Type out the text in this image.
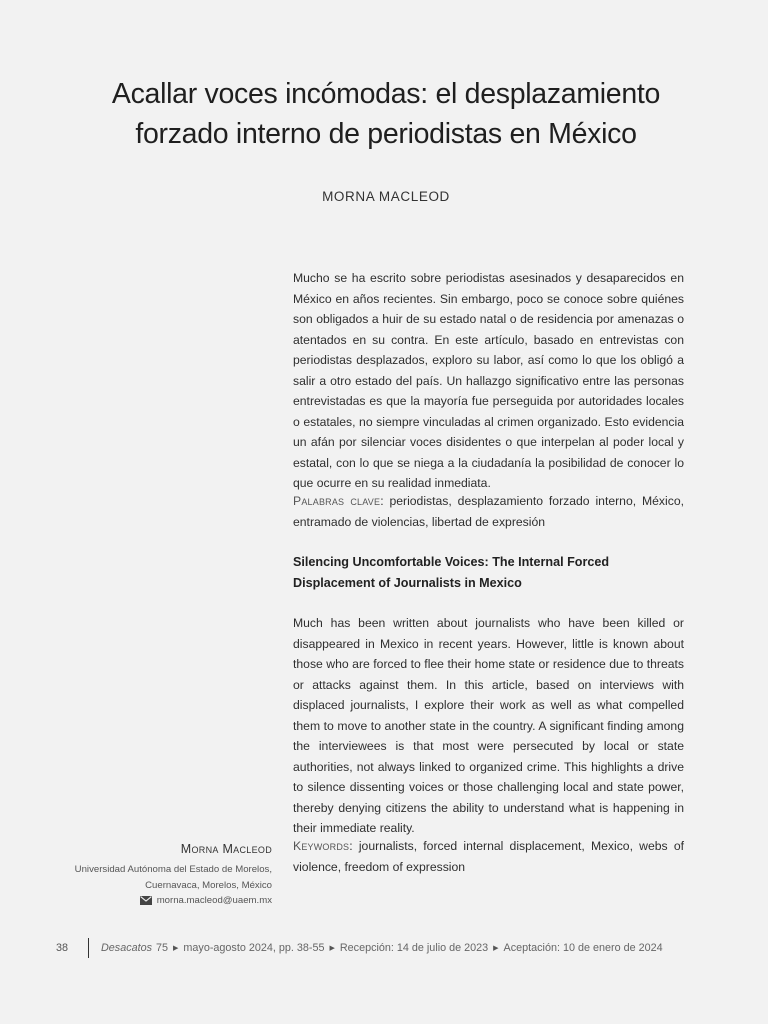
Acallar voces incómodas: el desplazamiento
forzado interno de periodistas en México
MORNA MACLEOD
Mucho se ha escrito sobre periodistas asesinados y desaparecidos en México en años recientes. Sin embargo, poco se conoce sobre quiénes son obligados a huir de su estado natal o de residencia por amenazas o atentados en su contra. En este artículo, basado en entrevistas con periodistas desplazados, exploro su labor, así como lo que los obligó a salir a otro estado del país. Un hallazgo significativo entre las personas entrevistadas es que la mayoría fue perseguida por autoridades locales o estatales, no siempre vinculadas al crimen organizado. Esto evidencia un afán por silenciar voces disidentes o que interpelan al poder local y estatal, con lo que se niega a la ciudadanía la posibilidad de conocer lo que ocurre en su realidad inmediata.
Palabras clave: periodistas, desplazamiento forzado interno, México, entramado de violencias, libertad de expresión
Silencing Uncomfortable Voices: The Internal Forced Displacement of Journalists in Mexico
Much has been written about journalists who have been killed or disappeared in Mexico in recent years. However, little is known about those who are forced to flee their home state or residence due to threats or attacks against them. In this article, based on interviews with displaced journalists, I explore their work as well as what compelled them to move to another state in the country. A significant finding among the interviewees is that most were persecuted by local or state authorities, not always linked to organized crime. This highlights a drive to silence dissenting voices or those challenging local and state power, thereby denying citizens the ability to understand what is happening in their immediate reality.
Keywords: journalists, forced internal displacement, Mexico, webs of violence, freedom of expression
Morna Macleod
Universidad Autónoma del Estado de Morelos,
Cuernavaca, Morelos, México
morna.macleod@uaem.mx
38	Desacatos 75 ▶ mayo-agosto 2024, pp. 38-55 ▶ Recepción: 14 de julio de 2023 ▶ Aceptación: 10 de enero de 2024
